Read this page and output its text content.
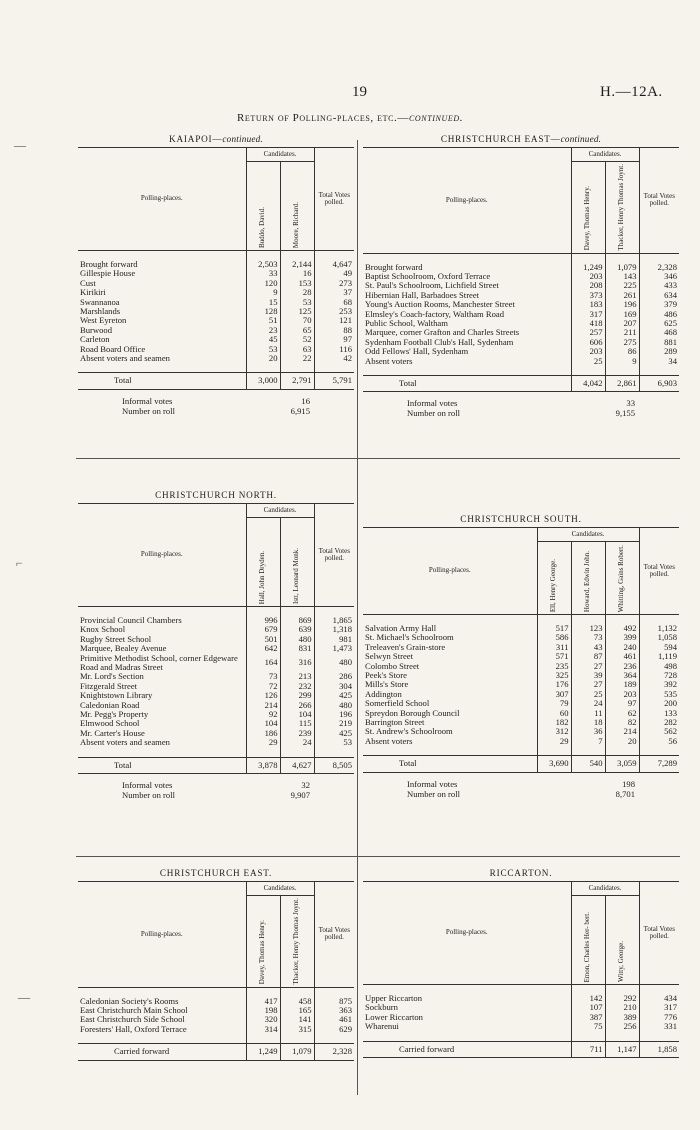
19	H.—12A.
Return of Polling-places, etc.—continued.
—
⌐
—
KAIAPOI—continued.
Polling-places.	Candidates.		Total Votes polled.

	Buddo, David.	Moore, Richard.	

Brought forward	2,503	2,144	4,647
Gillespie House	33	16	49
Cust	120	153	273
Kirikiri	9	28	37
Swannanoa	15	53	68
Marshlands	128	125	253
West Eyreton	51	70	121
Burwood	23	65	88
Carleton	45	52	97
Road Board Office	53	63	116
Absent voters and seamen	20	22	42

Total	3,000	2,791	5,791
Informal votes	16
Number on roll	6,915
CHRISTCHURCH EAST—continued.
Polling-places.	Candidates.		Total Votes polled.

	Davey, Thomas Henry.	Thacker, Henry Thomas Joynt.	

Brought forward	1,249	1,079	2,328
Baptist Schoolroom, Oxford Terrace	203	143	346
St. Paul's Schoolroom, Lichfield Street	208	225	433
Hibernian Hall, Barbadoes Street	373	261	634
Young's Auction Rooms, Manchester Street	183	196	379
Elmsley's Coach-factory, Waltham Road	317	169	486
Public School, Waltham	418	207	625
Marquee, corner Grafton and Charles Streets	257	211	468
Sydenham Football Club's Hall, Sydenham	606	275	881
Odd Fellows' Hall, Sydenham	203	86	289
Absent voters	25	9	34

Total	4,042	2,861	6,903
Informal votes	33
Number on roll	9,155
CHRISTCHURCH NORTH.
Polling-places.	Candidates.		Total Votes polled.

	Hall, John Dryden.	Istt, Leonard Monk.	

Provincial Council Chambers	996	869	1,865
Knox School	679	639	1,318
Rugby Street School	501	480	981
Marquee, Bealey Avenue	642	831	1,473
Primitive Methodist School, corner Edgeware Road and Madras Street	164	316	480
Mr. Lord's Section	73	213	286
Fitzgerald Street	72	232	304
Knightstown Library	126	299	425
Caledonian Road	214	266	480
Mr. Pegg's Property	92	104	196
Elmwood School	104	115	219
Mr. Carter's House	186	239	425
Absent voters and seamen	29	24	53

Total	3,878	4,627	8,505
Informal votes	32
Number on roll	9,907
CHRISTCHURCH SOUTH.
Polling-places.	Candidates.			Total Votes polled.

	Ell, Henry George.	Howard, Edwin John.	Whitting, Gains Robert.	

Salvation Army Hall	517	123	492	1,132
St. Michael's Schoolroom	586	73	399	1,058
Treleaven's Grain-store	311	43	240	594
Selwyn Street	571	87	461	1,119
Colombo Street	235	27	236	498
Peek's Store	325	39	364	728
Mills's Store	176	27	189	392
Addington	307	25	203	535
Somerfield School	79	24	97	200
Spreydon Borough Council	60	11	62	133
Barrington Street	182	18	82	282
St. Andrew's Schoolroom	312	36	214	562
Absent voters	29	7	20	56

Total	3,690	540	3,059	7,289
Informal votes	198
Number on roll	8,701
CHRISTCHURCH EAST.
Polling-places.	Candidates.		Total Votes polled.

	Davey, Thomas Henry.	Thacker, Henry Thomas Joynt.	

Caledonian Society's Rooms	417	458	875
East Christchurch Main School	198	165	363
East Christchurch Side School	320	141	461
Foresters' Hall, Oxford Terrace	314	315	629

Carried forward	1,249	1,079	2,328
RICCARTON.
Polling-places.	Candidates.		Total Votes polled.

	Emon, Charles Her- bert.	Witty, George.	

Upper Riccarton	142	292	434
Sockburn	107	210	317
Lower Riccarton	387	389	776
Wharenui	75	256	331

Carried forward	711	1,147	1,858
